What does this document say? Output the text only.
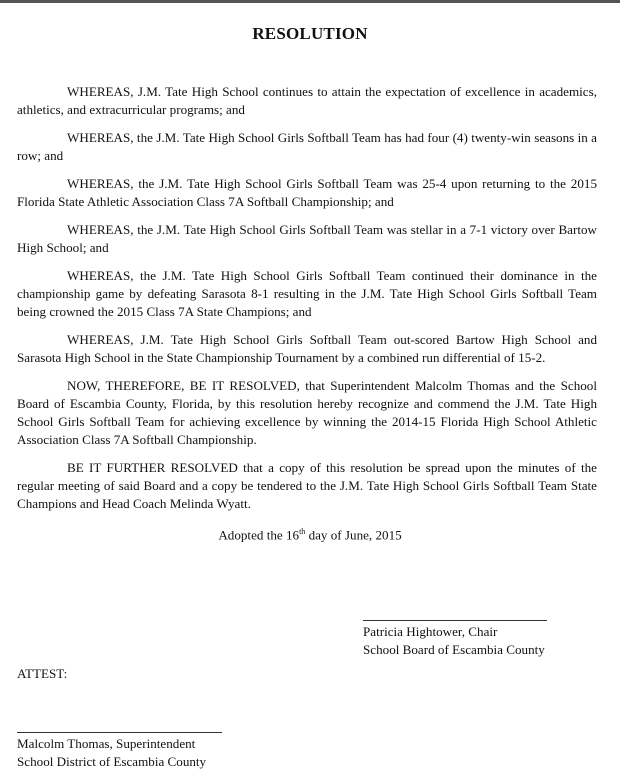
RESOLUTION

WHEREAS, J.M. Tate High School continues to attain the expectation of excellence in academics, athletics, and extracurricular programs; and

WHEREAS, the J.M. Tate High School Girls Softball Team has had four (4) twenty-win seasons in a row; and

WHEREAS, the J.M. Tate High School Girls Softball Team was 25-4 upon returning to the 2015 Florida State Athletic Association Class 7A Softball Championship; and

WHEREAS, the J.M. Tate High School Girls Softball Team was stellar in a 7-1 victory over Bartow High School; and

WHEREAS, the J.M. Tate High School Girls Softball Team continued their dominance in the championship game by defeating Sarasota 8-1 resulting in the J.M. Tate High School Girls Softball Team being crowned the 2015 Class 7A State Champions; and

WHEREAS, J.M. Tate High School Girls Softball Team out-scored Bartow High School and Sarasota High School in the State Championship Tournament by a combined run differential of 15-2.

NOW, THEREFORE, BE IT RESOLVED, that Superintendent Malcolm Thomas and the School Board of Escambia County, Florida, by this resolution hereby recognize and commend the J.M. Tate High School Girls Softball Team for achieving excellence by winning the 2014-15 Florida High School Athletic Association Class 7A Softball Championship.

BE IT FURTHER RESOLVED that a copy of this resolution be spread upon the minutes of the regular meeting of said Board and a copy be tendered to the J.M. Tate High School Girls Softball Team State Champions and Head Coach Melinda Wyatt.

Adopted the 16th day of June, 2015
Patricia Hightower, Chair
School Board of Escambia County
ATTEST:
Malcolm Thomas, Superintendent
School District of Escambia County
